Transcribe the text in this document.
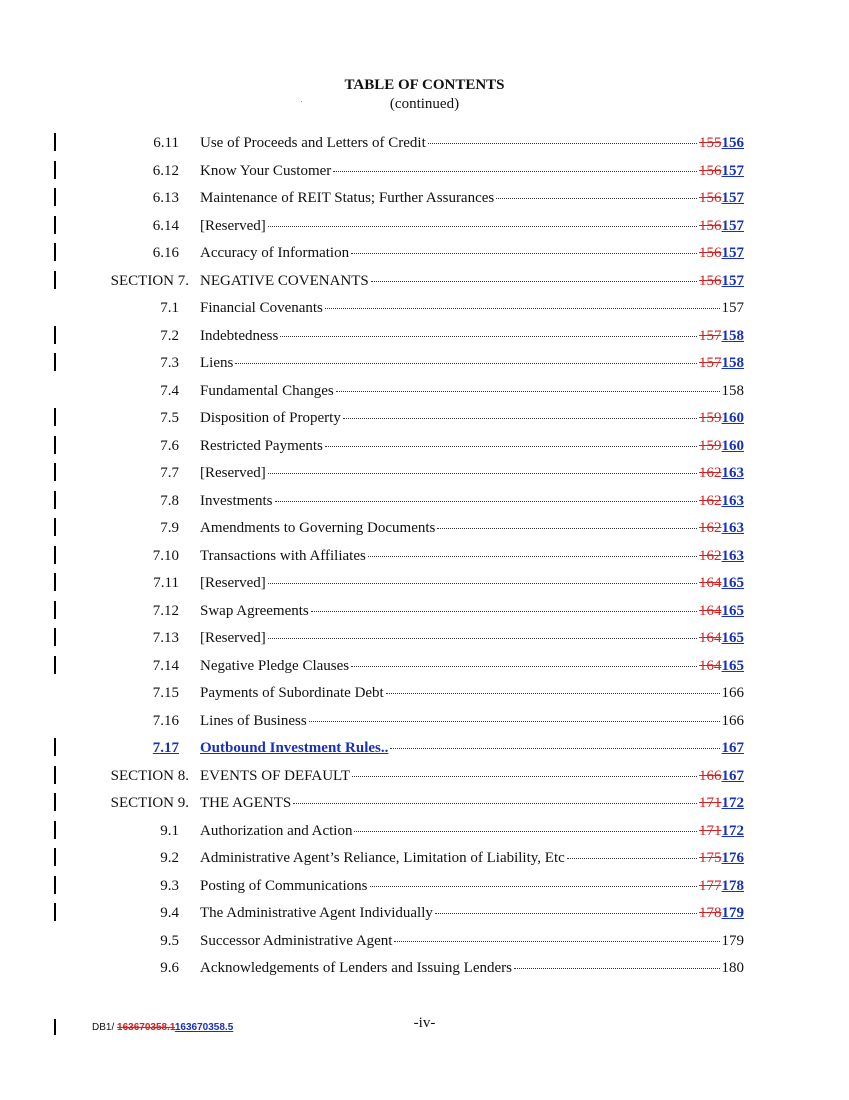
TABLE OF CONTENTS
(continued)
6.11 Use of Proceeds and Letters of Credit	155156
6.12 Know Your Customer	156157
6.13 Maintenance of REIT Status; Further Assurances	156157
6.14 [Reserved]	156157
6.16 Accuracy of Information	156157
SECTION 7. NEGATIVE COVENANTS	156157
7.1 Financial Covenants	157
7.2 Indebtedness	157158
7.3 Liens	157158
7.4 Fundamental Changes	158
7.5 Disposition of Property	159160
7.6 Restricted Payments	159160
7.7 [Reserved]	162163
7.8 Investments	162163
7.9 Amendments to Governing Documents	162163
7.10 Transactions with Affiliates	162163
7.11 [Reserved]	164165
7.12 Swap Agreements	164165
7.13 [Reserved]	164165
7.14 Negative Pledge Clauses	164165
7.15 Payments of Subordinate Debt	166
7.16 Lines of Business	166
7.17 Outbound Investment Rules..	167
SECTION 8. EVENTS OF DEFAULT	166167
SECTION 9. THE AGENTS	171172
9.1 Authorization and Action	171172
9.2 Administrative Agent’s Reliance, Limitation of Liability, Etc	175176
9.3 Posting of Communications	177178
9.4 The Administrative Agent Individually	178179
9.5 Successor Administrative Agent	179
9.6 Acknowledgements of Lenders and Issuing Lenders	180
-iv-
DB1/ 163670358.1163670358.5
